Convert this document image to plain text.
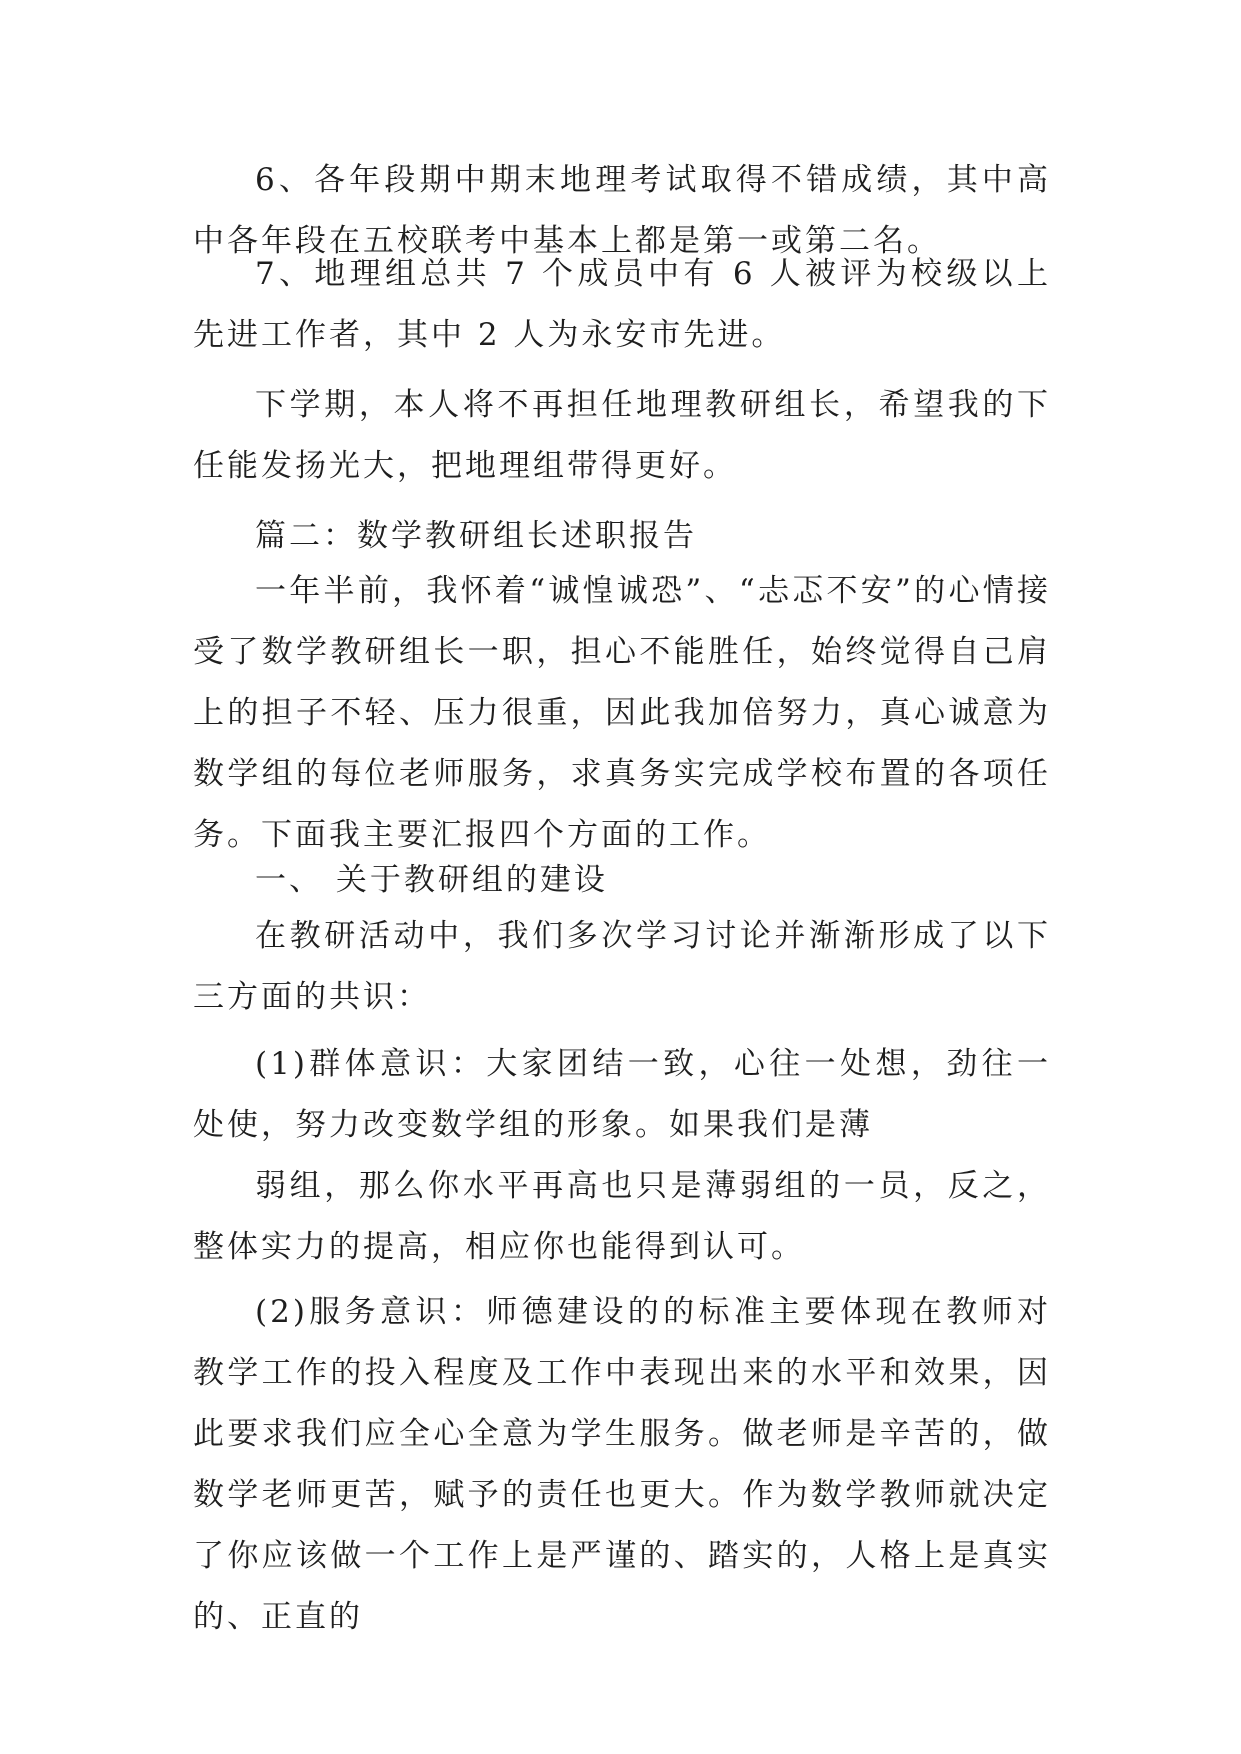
6、各年段期中期末地理考试取得不错成绩，其中高中各年段在五校联考中基本上都是第一或第二名。

7、地理组总共 7 个成员中有 6 人被评为校级以上先进工作者，其中 2 人为永安市先进。

下学期，本人将不再担任地理教研组长，希望我的下任能发扬光大，把地理组带得更好。

篇二：数学教研组长述职报告

一年半前，我怀着“诚惶诚恐”、“忐忑不安”的心情接受了数学教研组长一职，担心不能胜任，始终觉得自己肩上的担子不轻、压力很重，因此我加倍努力，真心诚意为数学组的每位老师服务，求真务实完成学校布置的各项任务。下面我主要汇报四个方面的工作。

一、 关于教研组的建设

在教研活动中，我们多次学习讨论并渐渐形成了以下三方面的共识：

(1)群体意识：大家团结一致，心往一处想，劲往一处使，努力改变数学组的形象。如果我们是薄

弱组，那么你水平再高也只是薄弱组的一员，反之，整体实力的提高，相应你也能得到认可。

(2)服务意识：师德建设的的标准主要体现在教师对教学工作的投入程度及工作中表现出来的水平和效果，因此要求我们应全心全意为学生服务。做老师是辛苦的，做数学老师更苦，赋予的责任也更大。作为数学教师就决定了你应该做一个工作上是严谨的、踏实的，人格上是真实的、正直的
